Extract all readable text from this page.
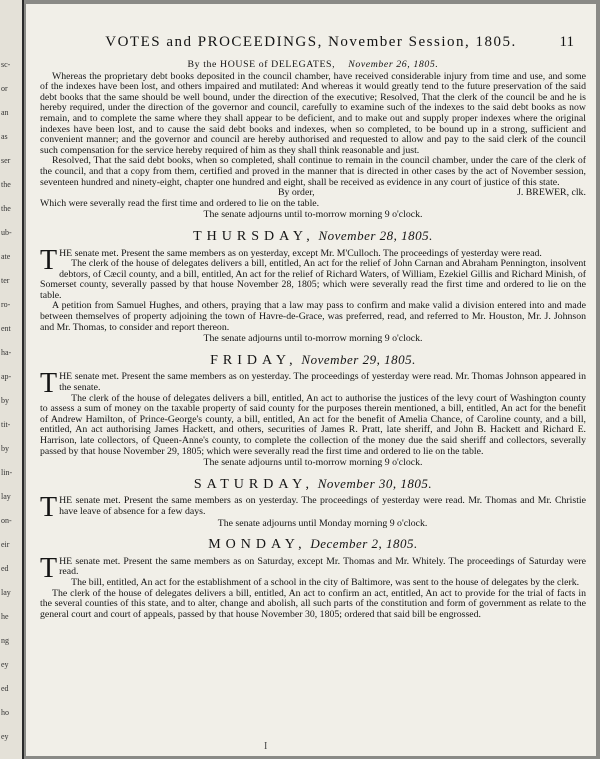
sc-
or
an
as
ser
the
the
ub-
ate
ter
ro-
ent
ha-
ap-
by
tit-
by
lin-
lay
on-
eir
ed
lay
he
ng
ey
ed
ho
ey
VOTES and PROCEEDINGS, November Session, 1805.	11
By the HOUSE of DELEGATES, November 26, 1805.

Whereas the proprietary debt books deposited in the council chamber, have received considerable injury from time and use, and some of the indexes have been lost, and others impaired and mutilated: And whereas it would greatly tend to the future preservation of the said debt books that the same should be well bound, under the direction of the executive; Resolved, That the clerk of the council be and he is hereby required, under the direction of the governor and council, carefully to examine such of the indexes to the said debt books as now remain, and to complete the same where they shall appear to be deficient, and to make out and supply proper indexes where the original indexes have been lost, and to cause the said debt books and indexes, when so completed, to be bound up in a strong, sufficient and convenient manner; and the governor and council are hereby authorised and requested to allow and pay to the said clerk of the council such compensation for the service hereby required of him as they shall think reasonable and just.

Resolved, That the said debt books, when so completed, shall continue to remain in the council chamber, under the care of the clerk of the council, and that a copy from them, certified and proved in the manner that is directed in other cases by the act of November session, seventeen hundred and ninety-eight, chapter one hundred and eight, shall be received as evidence in any court of justice of this state.

By order,	J. BREWER, clk.
Which were severally read the first time and ordered to lie on the table.
The senate adjourns until to-morrow morning 9 o'clock.
THURSDAY, November 28, 1805.

THE senate met. Present the same members as on yesterday, except Mr. M'Culloch. The proceedings of yesterday were read.

The clerk of the house of delegates delivers a bill, entitled, An act for the relief of John Carnan and Abraham Pennington, insolvent debtors, of Cæcil county, and a bill, entitled, An act for the relief of Richard Waters, of William, Ezekiel Gillis and Richard Minish, of Somerset county, severally passed by that house November 28, 1805; which were severally read the first time and ordered to lie on the table.

A petition from Samuel Hughes, and others, praying that a law may pass to confirm and make valid a division entered into and made between themselves of property adjoining the town of Havre-de-Grace, was preferred, read, and referred to Mr. Houston, Mr. J. Johnson and Mr. Thomas, to consider and report thereon.

The senate adjourns until to-morrow morning 9 o'clock.
FRIDAY, November 29, 1805.

THE senate met. Present the same members as on yesterday. The proceedings of yesterday were read. Mr. Thomas Johnson appeared in the senate.

The clerk of the house of delegates delivers a bill, entitled, An act to authorise the justices of the levy court of Washington county to assess a sum of money on the taxable property of said county for the purposes therein mentioned, a bill, entitled, An act for the benefit of Andrew Hamilton, of Prince-George's county, a bill, entitled, An act for the benefit of Amelia Chance, of Caroline county, and a bill, entitled, An act authorising James Hackett, and others, securities of James R. Pratt, late sheriff, and John B. Hackett and Richard E. Harrison, late collectors, of Queen-Anne's county, to complete the collection of the money due the said sheriff and collectors, severally passed by that house November 29, 1805; which were severally read the first time and ordered to lie on the table.

The senate adjourns until to-morrow morning 9 o'clock.
SATURDAY, November 30, 1805.

THE senate met. Present the same members as on yesterday. The proceedings of yesterday were read. Mr. Thomas and Mr. Christie have leave of absence for a few days.

The senate adjourns until Monday morning 9 o'clock.
MONDAY, December 2, 1805.

THE senate met. Present the same members as on Saturday, except Mr. Thomas and Mr. Whitely. The proceedings of Saturday were read.

The bill, entitled, An act for the establishment of a school in the city of Baltimore, was sent to the house of delegates by the clerk.

The clerk of the house of delegates delivers a bill, entitled, An act to confirm an act, entitled, An act to provide for the trial of facts in the several counties of this state, and to alter, change and abolish, all such parts of the constitution and form of government as relate to the general court and court of appeals, passed by that house November 30, 1805; ordered that said bill be engrossed.

I
